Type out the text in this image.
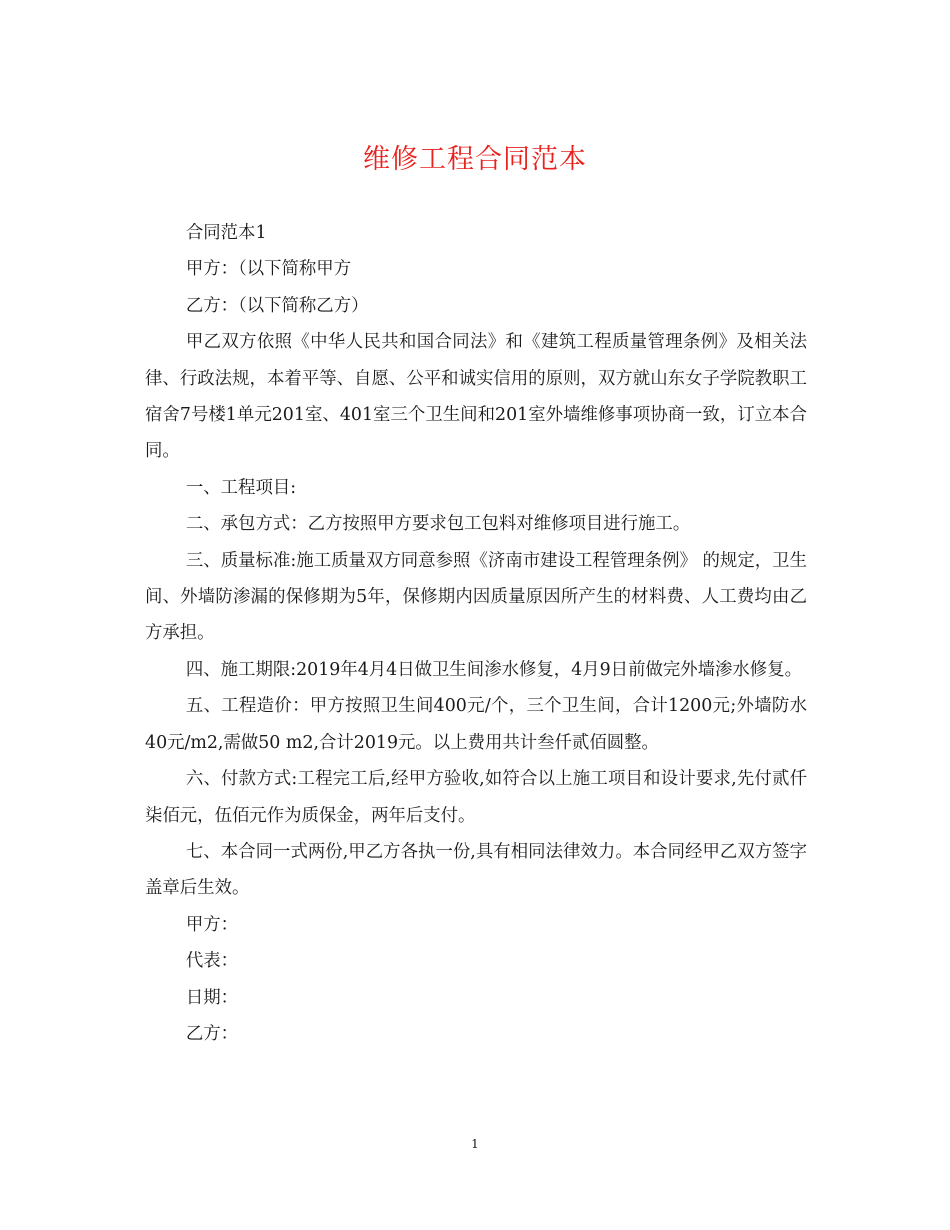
维修工程合同范本

合同范本1

甲方：（以下简称甲方

乙方：（以下简称乙方）

甲乙双方依照《中华人民共和国合同法》和《建筑工程质量管理条例》及相关法律、行政法规，本着平等、自愿、公平和诚实信用的原则，双方就山东女子学院教职工宿舍7号楼1单元201室、401室三个卫生间和201室外墙维修事项协商一致，订立本合同。

一、工程项目:

二、承包方式：乙方按照甲方要求包工包料对维修项目进行施工。

三、质量标准:施工质量双方同意参照《济南市建设工程管理条例》 的规定，卫生间、外墙防渗漏的保修期为5年，保修期内因质量原因所产生的材料费、人工费均由乙方承担。

四、施工期限:2019年4月4日做卫生间渗水修复，4月9日前做完外墙渗水修复。

五、工程造价：甲方按照卫生间400元/个，三个卫生间，合计1200元;外墙防水40元/m2,需做50 m2,合计2019元。以上费用共计叁仟贰佰圆整。

六、付款方式:工程完工后,经甲方验收,如符合以上施工项目和设计要求,先付贰仟柒佰元，伍佰元作为质保金，两年后支付。

七、本合同一式两份,甲乙方各执一份,具有相同法律效力。本合同经甲乙双方签字盖章后生效。

甲方：

代表：

日期：

乙方：

1
